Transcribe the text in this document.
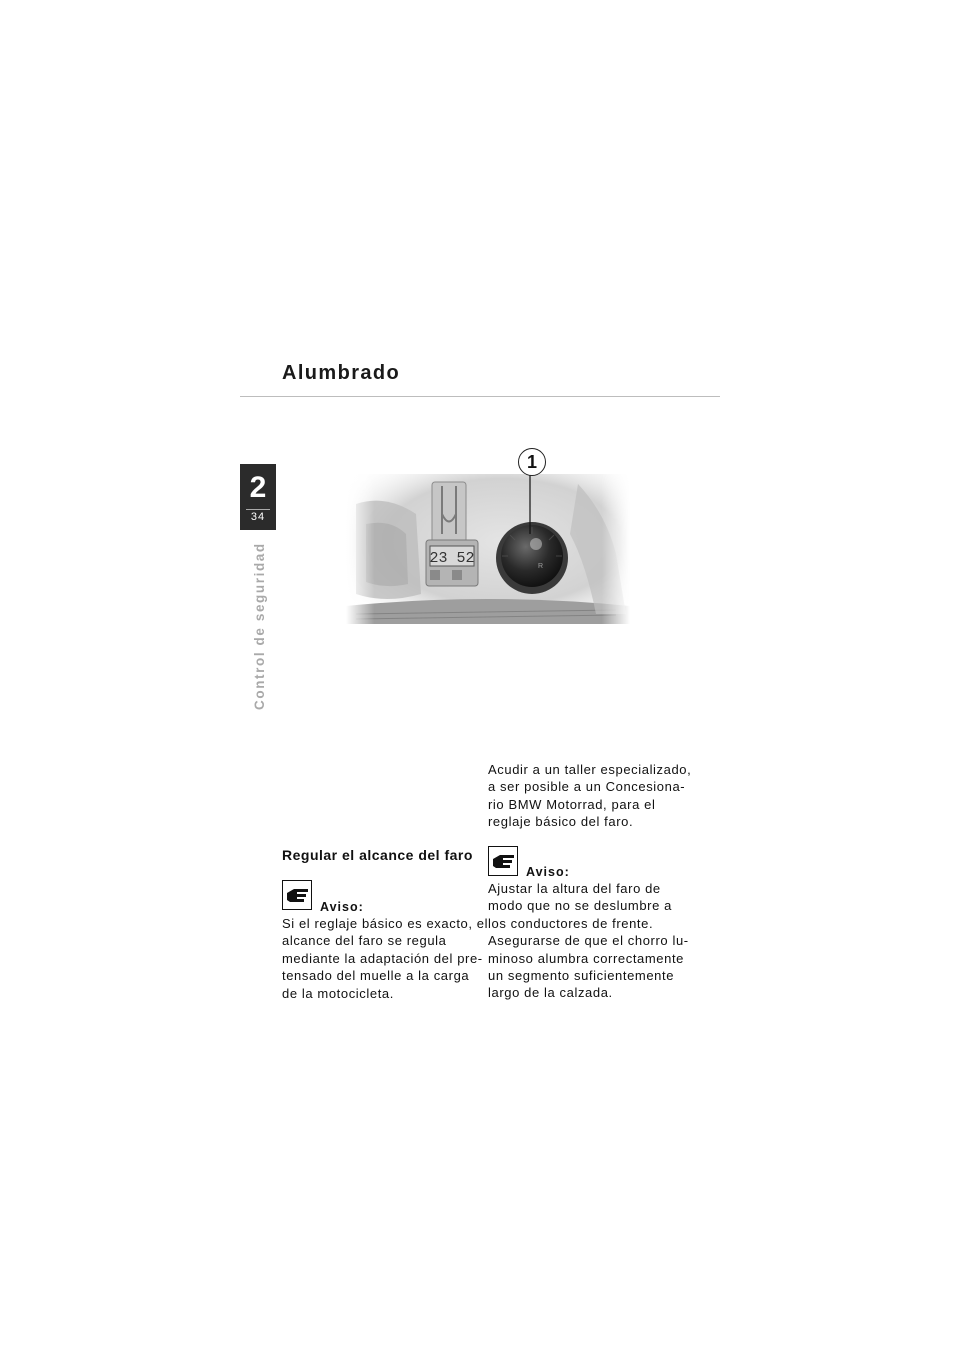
Alumbrado
2
34
Control de seguridad
1
Regular el alcance del faro
Aviso:
Si el reglaje básico es exacto, el
alcance del faro se regula
mediante la adaptación del pre-
tensado del muelle a la carga
de la motocicleta.
Acudir a un taller especializado,
a ser posible a un Concesiona-
rio BMW Motorrad, para el
reglaje básico del faro.
Aviso:
Ajustar la altura del faro de
modo que no se deslumbre a
los conductores de frente.
Asegurarse de que el chorro lu-
minoso alumbra correctamente
un segmento suficientemente
largo de la calzada.
